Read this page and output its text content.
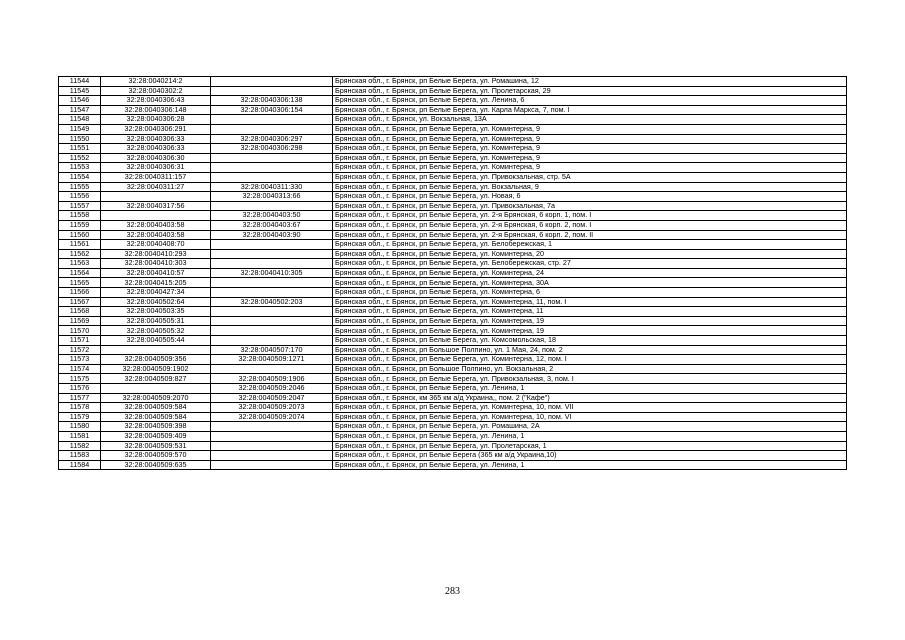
11544	32:28:0040214:2		Брянская обл., г. Брянск, рп Белые Берега, ул. Ромашина, 12
11545	32:28:0040302:2		Брянская обл., г. Брянск, рп Белые Берега, ул. Пролетарская, 29
11546	32:28:0040306:43	32:28:0040306:138	Брянская обл., г. Брянск, рп Белые Берега, ул. Ленина, 6
11547	32:28:0040306:148	32:28:0040306:154	Брянская обл., г. Брянск, рп Белые Берега, ул. Карла Маркса, 7, пом. I
11548	32:28:0040306:28		Брянская обл., г. Брянск, ул. Вокзальная, 13А
11549	32:28:0040306:291		Брянская обл., г. Брянск, рп Белые Берега, ул. Коминтерна, 9
11550	32:28:0040306:33	32:28:0040306:297	Брянская обл., г. Брянск, рп Белые Берега, ул. Коминтерна, 9
11551	32:28:0040306:33	32:28:0040306:298	Брянская обл., г. Брянск, рп Белые Берега, ул. Коминтерна, 9
11552	32:28:0040306:30		Брянская обл., г. Брянск, рп Белые Берега, ул. Коминтерна, 9
11553	32:28:0040306:31		Брянская обл., г. Брянск, рп Белые Берега, ул. Коминтерна, 9
11554	32:28:0040311:157		Брянская обл., г. Брянск, рп Белые Берега, ул. Привокзальная, стр. 5А
11555	32:28:0040311:27	32:28:0040311:330	Брянская обл., г. Брянск, рп Белые Берега, ул. Вокзальная, 9
11556		32:28:0040313:66	Брянская обл., г. Брянск, рп Белые Берега, ул. Новая, 6
11557	32:28:0040317:56		Брянская обл., г. Брянск, рп Белые Берега, ул. Привокзальная, 7а
11558		32:28:0040403:50	Брянская обл., г. Брянск, рп Белые Берега, ул. 2-я Брянская, 6 корп. 1, пом. I
11559	32:28:0040403:58	32:28:0040403:67	Брянская обл., г. Брянск, рп Белые Берега, ул. 2-я Брянская, 6 корп. 2, пом. I
11560	32:28:0040403:58	32:28:0040403:90	Брянская обл., г. Брянск, рп Белые Берега, ул. 2-я Брянская, 6 корп. 2, пом. II
11561	32:28:0040408:70		Брянская обл., г. Брянск, рп Белые Берега, ул. Белобережская, 1
11562	32:28:0040410:293		Брянская обл., г. Брянск, рп Белые Берега, ул. Коминтерна, 20
11563	32:28:0040410:303		Брянская обл., г. Брянск, рп Белые Берега, ул. Белобережская, стр. 27
11564	32:28:0040410:57	32:28:0040410:305	Брянская обл., г. Брянск, рп Белые Берега, ул. Коминтерна, 24
11565	32:28:0040415:205		Брянская обл., г. Брянск, рп Белые Берега, ул. Коминтерна, 30А
11566	32:28:0040427:34		Брянская обл., г. Брянск, рп Белые Берега, ул. Коминтерна, 6
11567	32:28:0040502:64	32:28:0040502:203	Брянская обл., г. Брянск, рп Белые Берега, ул. Коминтерна, 11, пом. I
11568	32:28:0040503:35		Брянская обл., г. Брянск, рп Белые Берега, ул. Коминтерна, 11
11569	32:28:0040505:31		Брянская обл., г. Брянск, рп Белые Берега, ул. Коминтерна, 19
11570	32:28:0040505:32		Брянская обл., г. Брянск, рп Белые Берега, ул. Коминтерна, 19
11571	32:28:0040505:44		Брянская обл., г. Брянск, рп Белые Берега, ул. Комсомольская, 18
11572		32:28:0040507:170	Брянская обл., г. Брянск, рп Большое Полпино, ул. 1 Мая, 24, пом. 2
11573	32:28:0040509:356	32:28:0040509:1271	Брянская обл., г. Брянск, рп Белые Берега, ул. Коминтерна, 12, пом. I
11574	32:28:0040509:1902		Брянская обл., г. Брянск, рп Большое Полпино, ул. Вокзальная, 2
11575	32:28:0040509:827	32:28:0040509:1906	Брянская обл., г. Брянск, рп Белые Берега, ул. Привокзальная, 3, пом. I
11576		32:28:0040509:2046	Брянская обл., г. Брянск, рп Белые Берега, ул. Ленина, 1
11577	32:28:0040509:2070	32:28:0040509:2047	Брянская обл., г. Брянск, км 365 км а/д Украина,, пом. 2 ("Кафе")
11578	32:28:0040509:584	32:28:0040509:2073	Брянская обл., г. Брянск, рп Белые Берега, ул. Коминтерна, 10, пом. VII
11579	32:28:0040509:584	32:28:0040509:2074	Брянская обл., г. Брянск, рп Белые Берега, ул. Коминтерна, 10, пом. VI
11580	32:28:0040509:398		Брянская обл., г. Брянск, рп Белые Берега, ул. Ромашина, 2А
11581	32:28:0040509:409		Брянская обл., г. Брянск, рп Белые Берега, ул. Ленина, 1
11582	32:28:0040509:531		Брянская обл., г. Брянск, рп Белые Берега, ул. Пролетарская, 1
11583	32:28:0040509:570		Брянская обл., г. Брянск, рп Белые Берега (365 км а/д Украина,10)
11584	32:28:0040509:635		Брянская обл., г. Брянск, рп Белые Берега, ул. Ленина, 1
283
